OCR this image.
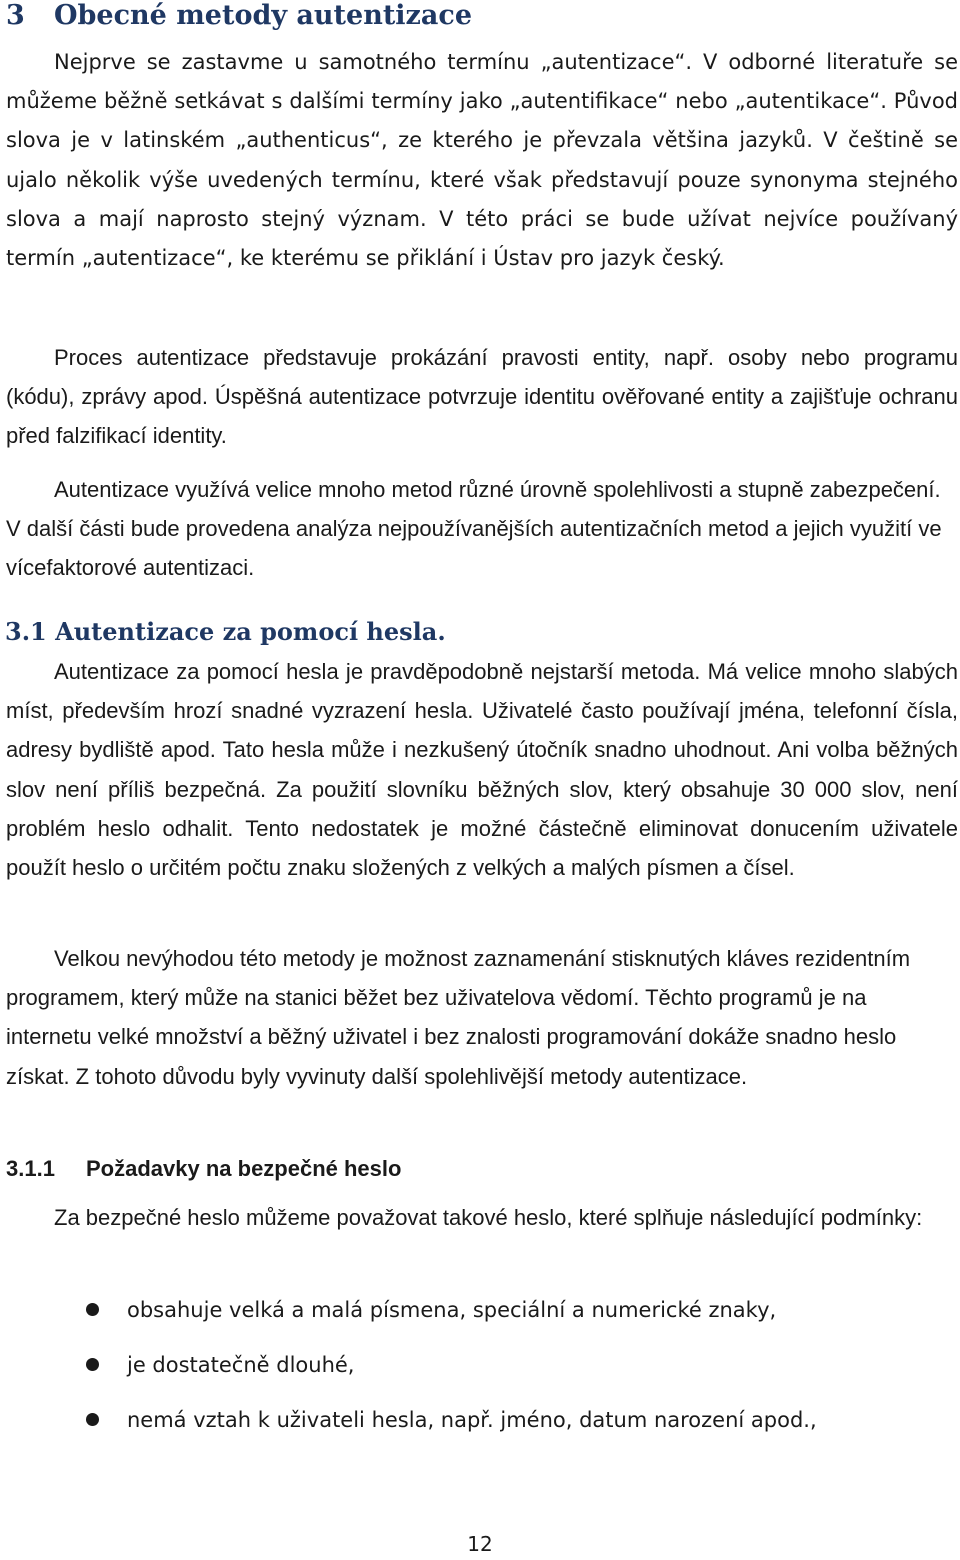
3 Obecné metody autentizace

Nejprve se zastavme u samotného termínu „autentizace“. V odborné literatuře se můžeme běžně setkávat s dalšími termíny jako „autentifikace“ nebo „autentikace“. Původ slova je v latinském „authenticus“, ze kterého je převzala většina jazyků. V češtině se ujalo několik výše uvedených termínu, které však představují pouze synonyma stejného slova a mají naprosto stejný význam. V této práci se bude užívat nejvíce používaný termín „autentizace“, ke kterému se přiklání i Ústav pro jazyk český.

Proces autentizace představuje prokázání pravosti entity, např. osoby nebo programu (kódu), zprávy apod. Úspěšná autentizace potvrzuje identitu ověřované entity a zajišťuje ochranu před falzifikací identity.

Autentizace využívá velice mnoho metod různé úrovně spolehlivosti a stupně zabezpečení. V další části bude provedena analýza nejpoužívanějších autentizačních metod a jejich využití ve vícefaktorové autentizaci.

3.1 Autentizace za pomocí hesla.

Autentizace za pomocí hesla je pravděpodobně nejstarší metoda. Má velice mnoho slabých míst, především hrozí snadné vyzrazení hesla. Uživatelé často používají jména, telefonní čísla, adresy bydliště apod. Tato hesla může i nezkušený útočník snadno uhodnout. Ani volba běžných slov není příliš bezpečná. Za použití slovníku běžných slov, který obsahuje 30 000 slov, není problém heslo odhalit. Tento nedostatek je možné částečně eliminovat donucením uživatele použít heslo o určitém počtu znaku složených z velkých a malých písmen a čísel.

Velkou nevýhodou této metody je možnost zaznamenání stisknutých kláves rezidentním programem, který může na stanici běžet bez uživatelova vědomí. Těchto programů je na internetu velké množství a běžný uživatel i bez znalosti programování dokáže snadno heslo získat. Z tohoto důvodu byly vyvinuty další spolehlivější metody autentizace.

3.1.1 Požadavky na bezpečné heslo

Za bezpečné heslo můžeme považovat takové heslo, které splňuje následující podmínky:

obsahuje velká a malá písmena, speciální a numerické znaky,
je dostatečně dlouhé,
nemá vztah k uživateli hesla, např. jméno, datum narození apod.,
12
